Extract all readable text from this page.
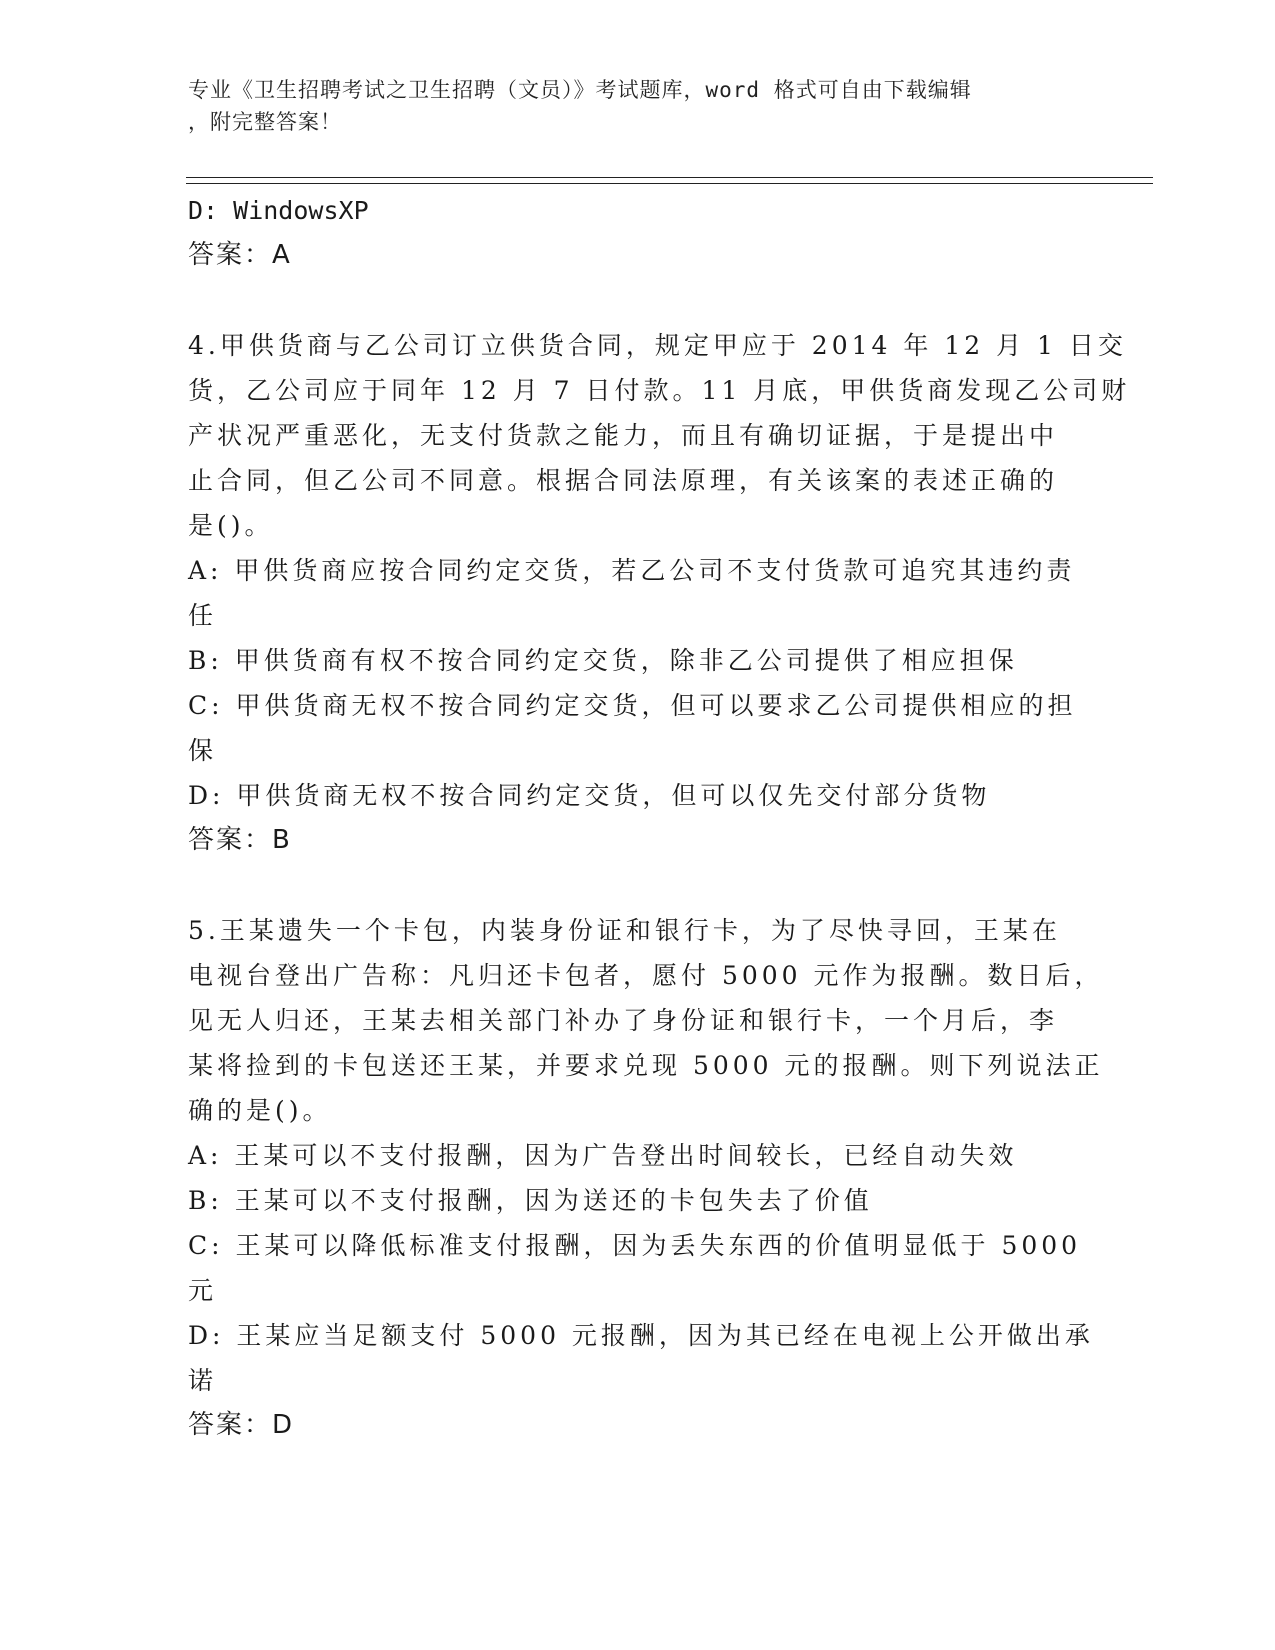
专业《卫生招聘考试之卫生招聘（文员）》考试题库，word 格式可自由下载编辑
，附完整答案！
D: WindowsXP
答案：A
4.甲供货商与乙公司订立供货合同，规定甲应于 2014 年 12 月 1 日交
货，乙公司应于同年 12 月 7 日付款。11 月底，甲供货商发现乙公司财
产状况严重恶化，无支付货款之能力，而且有确切证据，于是提出中
止合同，但乙公司不同意。根据合同法原理，有关该案的表述正确的
是()。
A: 甲供货商应按合同约定交货，若乙公司不支付货款可追究其违约责
任
B: 甲供货商有权不按合同约定交货，除非乙公司提供了相应担保
C: 甲供货商无权不按合同约定交货，但可以要求乙公司提供相应的担
保
D: 甲供货商无权不按合同约定交货，但可以仅先交付部分货物
答案：B
5.王某遗失一个卡包，内装身份证和银行卡，为了尽快寻回，王某在
电视台登出广告称：凡归还卡包者，愿付 5000 元作为报酬。数日后，
见无人归还，王某去相关部门补办了身份证和银行卡，一个月后，李
某将捡到的卡包送还王某，并要求兑现 5000 元的报酬。则下列说法正
确的是()。
A: 王某可以不支付报酬，因为广告登出时间较长，已经自动失效
B: 王某可以不支付报酬，因为送还的卡包失去了价值
C: 王某可以降低标准支付报酬，因为丢失东西的价值明显低于 5000
元
D: 王某应当足额支付 5000 元报酬，因为其已经在电视上公开做出承
诺
答案：D
